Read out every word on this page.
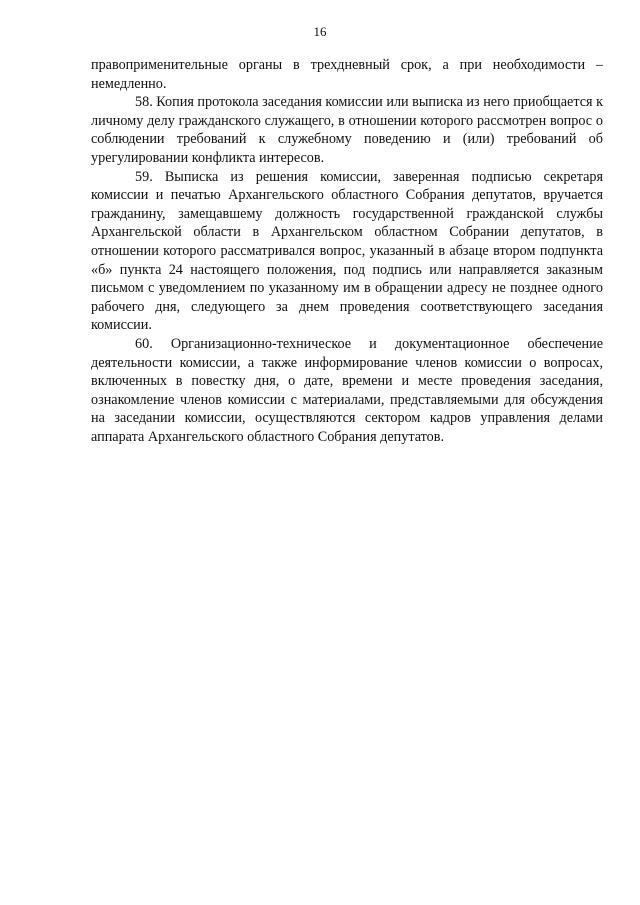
16

правоприменительные органы в трехдневный срок, а при необходимости – немедленно.

58. Копия протокола заседания комиссии или выписка из него приобщается к личному делу гражданского служащего, в отношении которого рассмотрен вопрос о соблюдении требований к служебному поведению и (или) требований об урегулировании конфликта интересов.

59. Выписка из решения комиссии, заверенная подписью секретаря комиссии и печатью Архангельского областного Собрания депутатов, вручается гражданину, замещавшему должность государственной гражданской службы Архангельской области в Архангельском областном Собрании депутатов, в отношении которого рассматривался вопрос, указанный в абзаце втором подпункта «б» пункта 24 настоящего положения, под подпись или направляется заказным письмом с уведомлением по указанному им в обращении адресу не позднее одного рабочего дня, следующего за днем проведения соответствующего заседания комиссии.

60. Организационно-техническое и документационное обеспечение деятельности комиссии, а также информирование членов комиссии о вопросах, включенных в повестку дня, о дате, времени и месте проведения заседания, ознакомление членов комиссии с материалами, представляемыми для обсуждения на заседании комиссии, осуществляются сектором кадров управления делами аппарата Архангельского областного Собрания депутатов.
